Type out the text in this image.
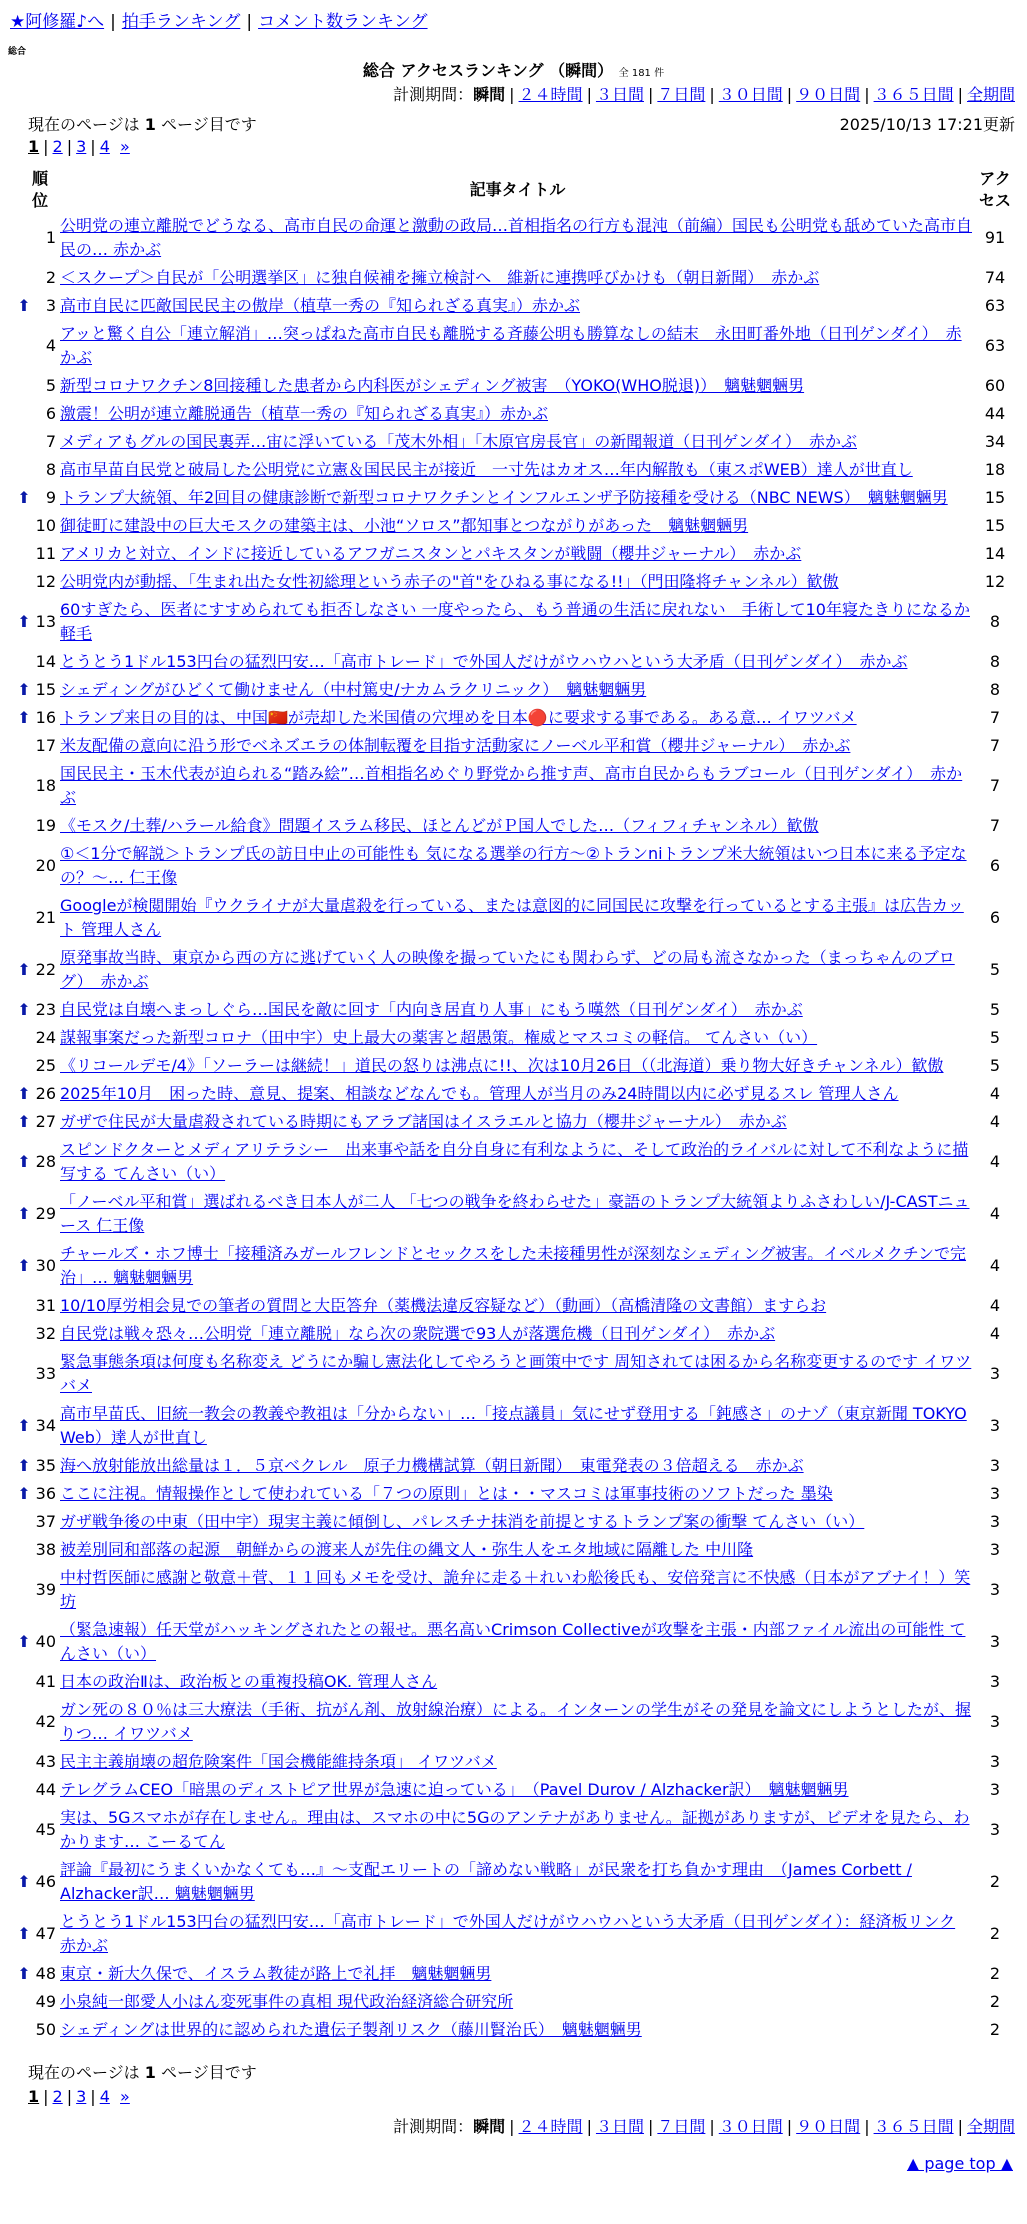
★阿修羅♪へ | 拍手ランキング | コメント数ランキング
総合
総合 アクセスランキング （瞬間） 全 181 件
計測期間：瞬間 | ２４時間 | ３日間 | ７日間 | ３０日間 | ９０日間 | ３６５日間 | 全期間
現在のページは 1 ページ目です	2025/10/13 17:21更新
1 | 2 | 3 | 4 »
順位		記事タイトル	アクセス

	1	公明党の連立離脱でどうなる、高市自民の命運と激動の政局…首相指名の行方も混沌（前編）国民も公明党も舐めていた高市自民の… 赤かぶ	91
	2	＜スクープ＞自民が「公明選挙区」に独自候補を擁立検討へ　維新に連携呼びかけも（朝日新聞）　赤かぶ	74
⬆	3	高市自民に匹敵国民民主の傲岸（植草一秀の『知られざる真実』）赤かぶ	63
	4	アッと驚く自公「連立解消」…突っぱねた高市自民も離脱する斉藤公明も勝算なしの結末　永田町番外地（日刊ゲンダイ）　赤かぶ	63
	5	新型コロナワクチン8回接種した患者から内科医がシェディング被害　（YOKO(WHO脱退)）　魑魅魍魎男	60
	6	激震！公明が連立離脱通告（植草一秀の『知られざる真実』）赤かぶ	44
	7	メディアもグルの国民裏弄…宙に浮いている「茂木外相」「木原官房長官」の新聞報道（日刊ゲンダイ）　赤かぶ	34
	8	高市早苗自民党と破局した公明党に立憲＆国民民主が接近　一寸先はカオス…年内解散も（東スポWEB）達人が世直し	18
⬆	9	トランプ大統領、年2回目の健康診断で新型コロナワクチンとインフルエンザ予防接種を受ける（NBC NEWS）　魑魅魍魎男	15
	10	御徒町に建設中の巨大モスクの建築主は、小池“ソロス”都知事とつながりがあった　魑魅魍魎男	15
	11	アメリカと対立、インドに接近しているアフガニスタンとパキスタンが戦闘（櫻井ジャーナル）　赤かぶ	14
	12	公明党内が動揺、「生まれ出た女性初総理という赤子の"首"をひねる事になる!!」（門田隆将チャンネル）歓傲	12
⬆	13	60すぎたら、医者にすすめられても拒否しなさい 一度やったら、もう普通の生活に戻れない　手術して10年寝たきりになるか軽毛	8
	14	とうとう1ドル153円台の猛烈円安…「高市トレード」で外国人だけがウハウハという大矛盾（日刊ゲンダイ）　赤かぶ	8
⬆	15	シェディングがひどくて働けません（中村篤史/ナカムラクリニック）　魑魅魍魎男	8
⬆	16	トランプ来日の目的は、中国🇨🇳が売却した米国債の穴埋めを日本🔴に要求する事である。ある意… イワツバメ	7
	17	米友配備の意向に沿う形でベネズエラの体制転覆を目指す活動家にノーベル平和賞（櫻井ジャーナル）　赤かぶ	7
	18	国民民主・玉木代表が迫られる“踏み絵”…首相指名めぐり野党から推す声、高市自民からもラブコール（日刊ゲンダイ）　赤かぶ	7
	19	《モスク/土葬/ハラール給食》問題イスラム移民、ほとんどがＰ国人でした…（フィフィチャンネル）歓傲	7
	20	①＜1分で解説＞トランプ氏の訪日中止の可能性も 気になる選挙の行方～②トランniトランプ米大統領はいつ日本に来る予定なの？～… 仁王像	6
	21	Googleが検閲開始『ウクライナが大量虐殺を行っている、または意図的に同国民に攻撃を行っているとする主張』は広告カット 管理人さん	6
⬆	22	原発事故当時、東京から西の方に逃げていく人の映像を撮っていたにも関わらず、どの局も流さなかった（まっちゃんのブログ）　赤かぶ	5
⬆	23	自民党は自壊へまっしぐら…国民を敵に回す「内向き居直り人事」にもう嘆然（日刊ゲンダイ）　赤かぶ	5
	24	謀報事案だった新型コロナ（田中宇）史上最大の薬害と超愚策。権威とマスコミの軽信。 てんさい（い）	5
	25	《リコールデモ/4》「ソーラーは継続！」道民の怒りは沸点に!!、次は10月26日（（北海道）乗り物大好きチャンネル）歓傲	5
⬆	26	2025年10月　困った時、意見、提案、相談などなんでも。管理人が当月のみ24時間以内に必ず見るスレ 管理人さん	4
⬆	27	ガザで住民が大量虐殺されている時期にもアラブ諸国はイスラエルと協力（櫻井ジャーナル）　赤かぶ	4
⬆	28	スピンドクターとメディアリテラシー　出来事や話を自分自身に有利なように、そして政治的ライバルに対して不利なように描写する てんさい（い）	4
⬆	29	「ノーベル平和賞」選ばれるべき日本人が二人 「七つの戦争を終わらせた」豪語のトランプ大統領よりふさわしい/J-CASTニュース 仁王像	4
⬆	30	チャールズ・ホフ博士「接種済みガールフレンドとセックスをした未接種男性が深刻なシェディング被害。イベルメクチンで完治」… 魑魅魍魎男	4
	31	10/10厚労相会見での筆者の質問と大臣答弁（薬機法違反容疑など）（動画）（高橋清隆の文書館）ますらお	4
	32	自民党は戦々恐々…公明党「連立離脱」なら次の衆院選で93人が落選危機（日刊ゲンダイ）　赤かぶ	4
	33	緊急事態条項は何度も名称変え どうにか騙し憲法化してやろうと画策中です 周知されては困るから名称変更するのです イワツバメ	3
⬆	34	高市早苗氏、旧統一教会の教義や教祖は「分からない」…「接点議員」気にせず登用する「鈍感さ」のナゾ（東京新聞 TOKYO Web）達人が世直し	3
⬆	35	海へ放射能放出総量は１．５京ベクレル　原子力機構試算（朝日新聞）　東電発表の３倍超える　赤かぶ	3
⬆	36	ここに注視。情報操作として使われている「７つの原則」とは・・マスコミは軍事技術のソフトだった 墨染	3
	37	ガザ戦争後の中東（田中宇）現実主義に傾倒し、パレスチナ抹消を前提とするトランプ案の衝撃 てんさい（い）	3
	38	被差別同和部落の起源＿朝鮮からの渡来人が先住の縄文人・弥生人をエタ地域に隔離した 中川隆	3
	39	中村哲医師に感謝と敬意＋菅、１１回もメモを受け、詭弁に走る＋れいわ舩後氏も、安倍発言に不快感（日本がアブナイ！）笑坊	3
⬆	40	（緊急速報）任天堂がハッキングされたとの報せ。悪名高いCrimson Collectiveが攻撃を主張・内部ファイル流出の可能性 てんさい（い）	3
	41	日本の政治Ⅱは、政治板との重複投稿OK. 管理人さん	3
	42	ガン死の８０％は三大療法（手術、抗がん剤、放射線治療）による。インターンの学生がその発見を論文にしようとしたが、握りつ… イワツバメ	3
	43	民主主義崩壊の超危険案件「国会機能維持条項」 イワツバメ	3
	44	テレグラムCEO「暗黒のディストピア世界が急速に迫っている」　（Pavel Durov / Alzhacker訳）　魑魅魍魎男	3
	45	実は、5Gスマホが存在しません。理由は、スマホの中に5Gのアンテナがありません。証拠がありますが、ビデオを見たら、わかります… こーるてん	3
⬆	46	評論『最初にうまくいかなくても…』～支配エリートの「諦めない戦略」が民衆を打ち負かす理由　（James Corbett / Alzhacker訳… 魑魅魍魎男	2
⬆	47	とうとう1ドル153円台の猛烈円安…「高市トレード」で外国人だけがウハウハという大矛盾（日刊ゲンダイ）：経済板リンク 赤かぶ	2
⬆	48	東京・新大久保で、イスラム教徒が路上で礼拝　魑魅魍魎男	2
	49	小泉純一郎愛人小はん変死事件の真相 現代政治経済総合研究所	2
	50	シェディングは世界的に認められた遺伝子製剤リスク（藤川賢治氏）　魑魅魍魎男	2
現在のページは 1 ページ目です
1 | 2 | 3 | 4 »
計測期間：瞬間 | ２４時間 | ３日間 | ７日間 | ３０日間 | ９０日間 | ３６５日間 | 全期間
▲ page top ▲
